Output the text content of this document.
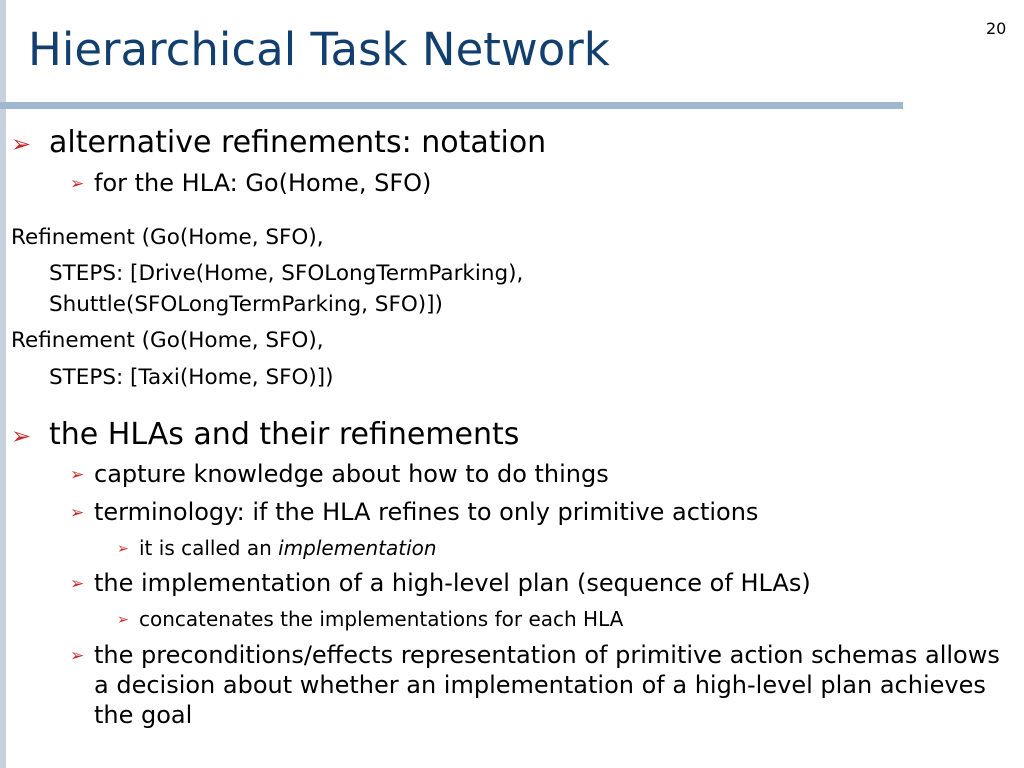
Hierarchical Task Network	20
➢ alternative refinements: notation
➢ for the HLA: Go(Home, SFO)
Refinement (Go(Home, SFO),
STEPS: [Drive(Home, SFOLongTermParking),
Shuttle(SFOLongTermParking, SFO)])
Refinement (Go(Home, SFO),
STEPS: [Taxi(Home, SFO)])
➢ the HLAs and their refinements
➢ capture knowledge about how to do things
➢ terminology: if the HLA refines to only primitive actions
➢ it is called an implementation
➢ the implementation of a high-level plan (sequence of HLAs)
➢ concatenates the implementations for each HLA
➢ the preconditions/effects representation of primitive action schemas allows a decision about whether an implementation of a high-level plan achieves the goal
